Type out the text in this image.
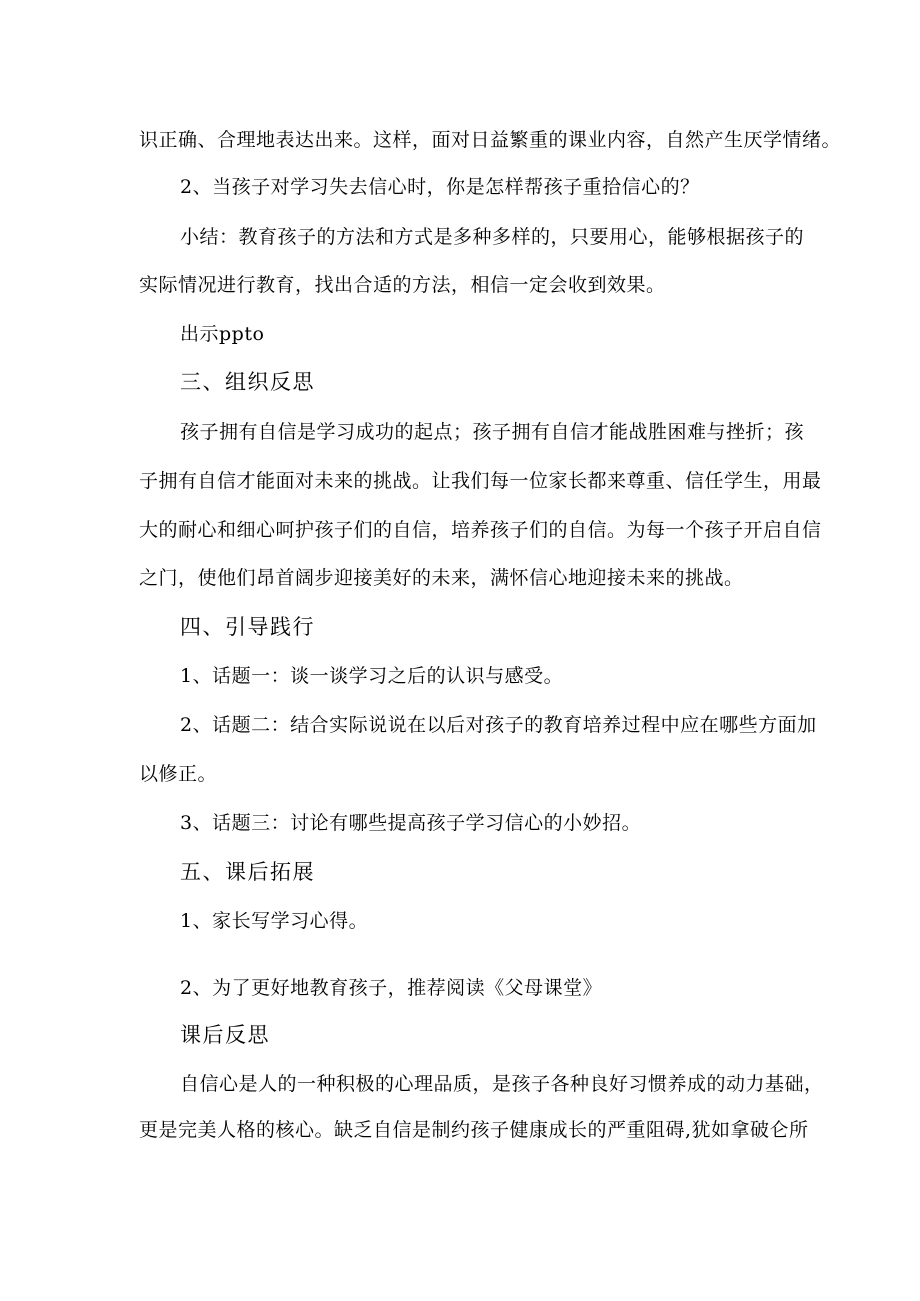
识正确、合理地表达出来。这样，面对日益繁重的课业内容，自然产生厌学情绪。
2、当孩子对学习失去信心时，你是怎样帮孩子重拾信心的？
小结：教育孩子的方法和方式是多种多样的，只要用心，能够根据孩子的
实际情况进行教育，找出合适的方法，相信一定会收到效果。
出示ppto
三、组织反思
孩子拥有自信是学习成功的起点；孩子拥有自信才能战胜困难与挫折；孩
子拥有自信才能面对未来的挑战。让我们每一位家长都来尊重、信任学生，用最
大的耐心和细心呵护孩子们的自信，培养孩子们的自信。为每一个孩子开启自信
之门，使他们昂首阔步迎接美好的未来，满怀信心地迎接未来的挑战。
四、引导践行
1、话题一：谈一谈学习之后的认识与感受。
2、话题二：结合实际说说在以后对孩子的教育培养过程中应在哪些方面加
以修正。
3、话题三：讨论有哪些提高孩子学习信心的小妙招。
五、课后拓展
1、家长写学习心得。
2、为了更好地教育孩子，推荐阅读《父母课堂》
课后反思
自信心是人的一种积极的心理品质，是孩子各种良好习惯养成的动力基础，
更是完美人格的核心。缺乏自信是制约孩子健康成长的严重阻碍,犹如拿破仑所
